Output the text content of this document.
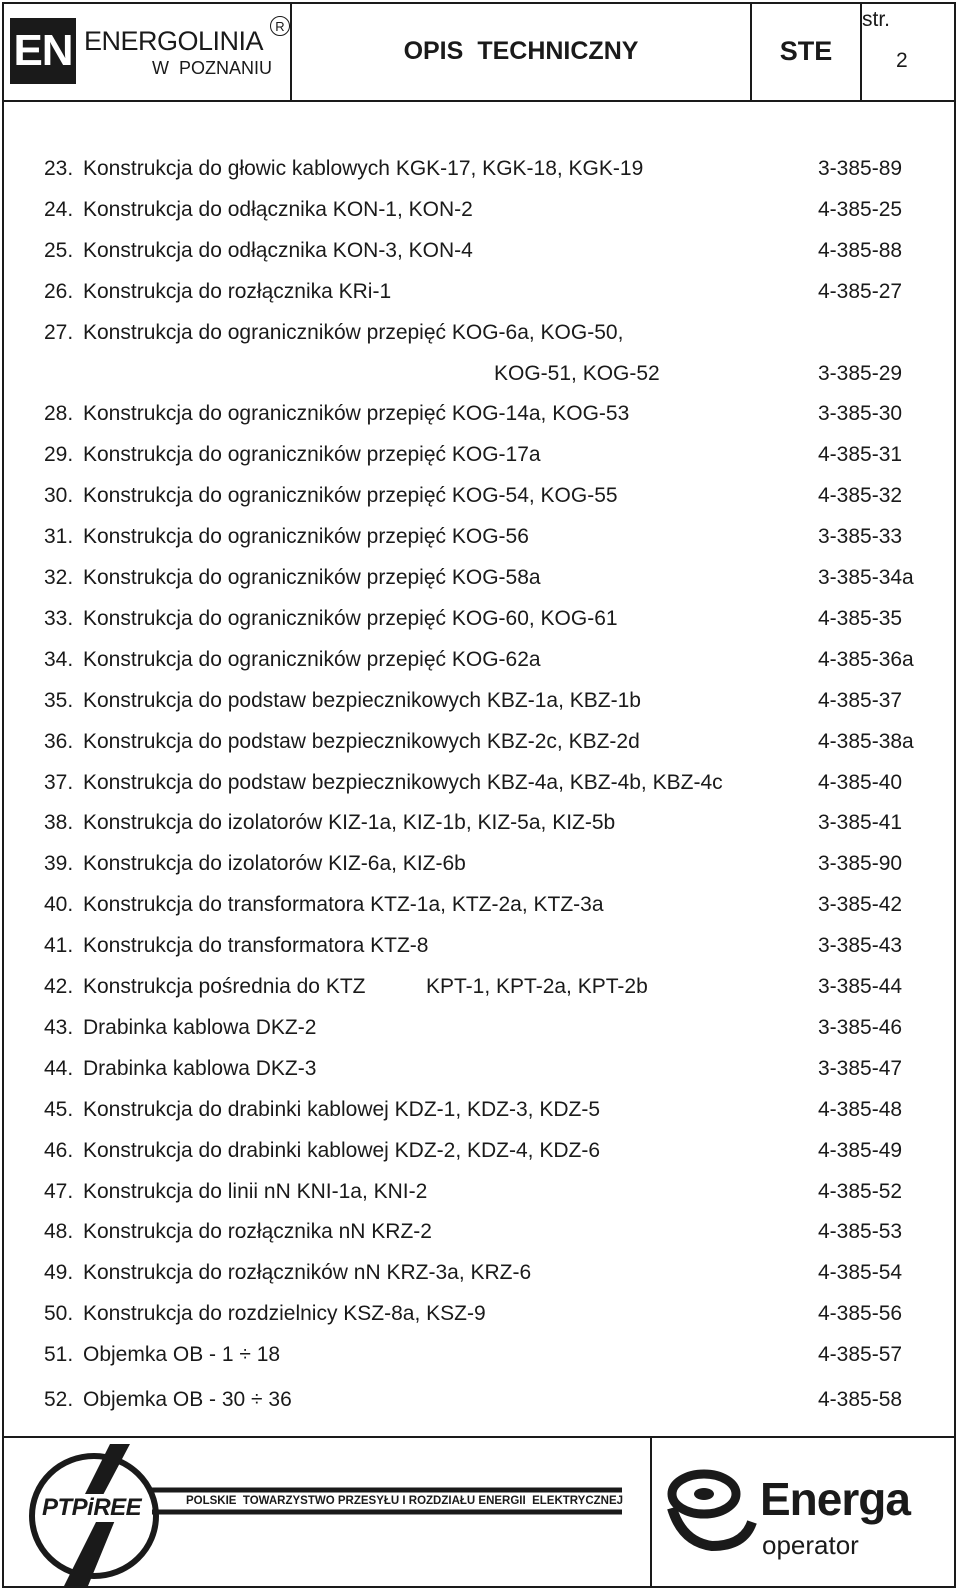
EN ENERGOLINIA R
W  POZNANIU
OPIS TECHNICZNY	STE
str.
2
23. Konstrukcja do głowic kablowych KGK-17, KGK-18, KGK-19	3-385-89
24. Konstrukcja do odłącznika KON-1, KON-2	4-385-25
25. Konstrukcja do odłącznika KON-3, KON-4	4-385-88
26. Konstrukcja do rozłącznika KRi-1	4-385-27
27. Konstrukcja do ograniczników przepięć KOG-6a, KOG-50,
KOG-51, KOG-52	3-385-29
28. Konstrukcja do ograniczników przepięć KOG-14a, KOG-53	3-385-30
29. Konstrukcja do ograniczników przepięć KOG-17a	4-385-31
30. Konstrukcja do ograniczników przepięć KOG-54, KOG-55	4-385-32
31. Konstrukcja do ograniczników przepięć KOG-56	3-385-33
32. Konstrukcja do ograniczników przepięć KOG-58a	3-385-34a
33. Konstrukcja do ograniczników przepięć KOG-60, KOG-61	4-385-35
34. Konstrukcja do ograniczników przepięć KOG-62a	4-385-36a
35. Konstrukcja do podstaw bezpiecznikowych KBZ-1a, KBZ-1b	4-385-37
36. Konstrukcja do podstaw bezpiecznikowych KBZ-2c, KBZ-2d	4-385-38a
37. Konstrukcja do podstaw bezpiecznikowych KBZ-4a, KBZ-4b, KBZ-4c	4-385-40
38. Konstrukcja do izolatorów KIZ-1a, KIZ-1b, KIZ-5a, KIZ-5b	3-385-41
39. Konstrukcja do izolatorów KIZ-6a, KIZ-6b	3-385-90
40. Konstrukcja do transformatora KTZ-1a, KTZ-2a, KTZ-3a	3-385-42
41. Konstrukcja do transformatora KTZ-8	3-385-43
42. Konstrukcja pośrednia do KTZ	KPT-1, KPT-2a, KPT-2b	3-385-44
43. Drabinka kablowa DKZ-2	3-385-46
44. Drabinka kablowa DKZ-3	3-385-47
45. Konstrukcja do drabinki kablowej KDZ-1, KDZ-3, KDZ-5	4-385-48
46. Konstrukcja do drabinki kablowej KDZ-2, KDZ-4, KDZ-6	4-385-49
47. Konstrukcja do linii nN KNI-1a, KNI-2	4-385-52
48. Konstrukcja do rozłącznika nN KRZ-2	4-385-53
49. Konstrukcja do rozłączników nN KRZ-3a, KRZ-6	4-385-54
50. Konstrukcja do rozdzielnicy KSZ-8a, KSZ-9	4-385-56
51. Objemka OB - 1 ÷ 18	4-385-57
52. Objemka OB - 30 ÷ 36	4-385-58
PTPiREE	POLSKIE  TOWARZYSTWO PRZESYŁU I ROZDZIAŁU ENERGII  ELEKTRYCZNEJ	Energa
operator
